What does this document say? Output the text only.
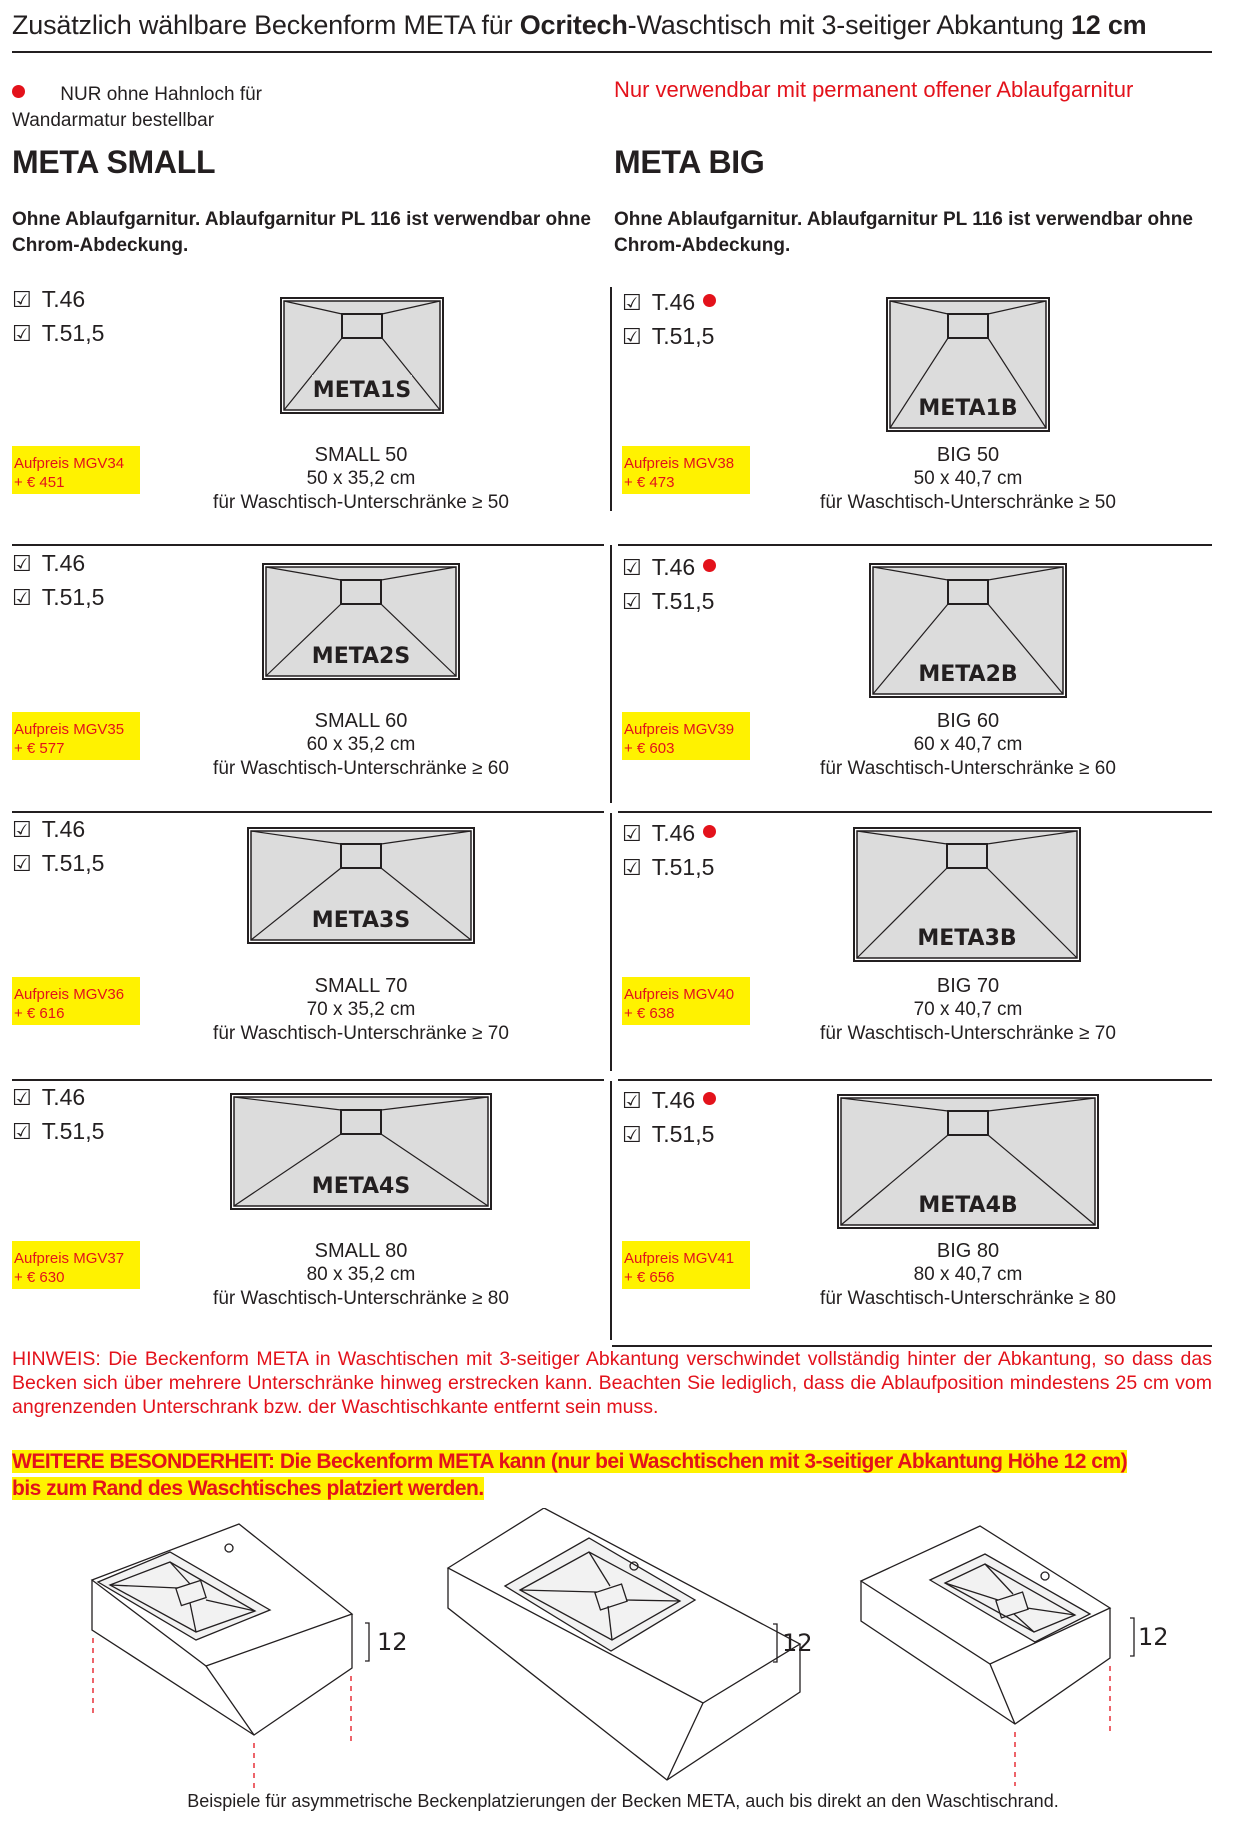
Zusätzlich wählbare Beckenform META für Ocritech-Waschtisch mit 3-seitiger Abkantung 12 cm
NUR ohne Hahnloch für Wandarmatur bestellbar
Nur verwendbar mit permanent offener Ablaufgarnitur
META SMALL	META BIG
Ohne Ablaufgarnitur. Ablaufgarnitur PL 116 ist verwendbar ohne Chrom-Abdeckung.
Ohne Ablaufgarnitur. Ablaufgarnitur PL 116 ist verwendbar ohne Chrom-Abdeckung.
☑ T.46
☑ T.51,5
META1S
Aufpreis MGV34
+ € 451
SMALL 50
50 x 35,2 cm
für Waschtisch-Unterschränke ≥ 50
☑ T.46
☑ T.51,5
META2S
Aufpreis MGV35
+ € 577
SMALL 60
60 x 35,2 cm
für Waschtisch-Unterschränke ≥ 60
☑ T.46
☑ T.51,5
META3S
Aufpreis MGV36
+ € 616
SMALL 70
70 x 35,2 cm
für Waschtisch-Unterschränke ≥ 70
☑ T.46
☑ T.51,5
META4S
Aufpreis MGV37
+ € 630
SMALL 80
80 x 35,2 cm
für Waschtisch-Unterschränke ≥ 80
☑ T.46
☑ T.51,5
META1B
Aufpreis MGV38
+ € 473
BIG 50
50 x 40,7 cm
für Waschtisch-Unterschränke ≥ 50
☑ T.46
☑ T.51,5
META2B
Aufpreis MGV39
+ € 603
BIG 60
60 x 40,7 cm
für Waschtisch-Unterschränke ≥ 60
☑ T.46
☑ T.51,5
META3B
Aufpreis MGV40
+ € 638
BIG 70
70 x 40,7 cm
für Waschtisch-Unterschränke ≥ 70
☑ T.46
☑ T.51,5
META4B
Aufpreis MGV41
+ € 656
BIG 80
80 x 40,7 cm
für Waschtisch-Unterschränke ≥ 80
HINWEIS: Die Beckenform META in Waschtischen mit 3-seitiger Abkantung verschwindet vollständig hinter der Abkantung, so dass das Becken sich über mehrere Unterschränke hinweg erstrecken kann. Beachten Sie lediglich, dass die Ablaufposition mindestens 25 cm vom angrenzenden Unterschrank bzw. der Waschtischkante entfernt sein muss.
WEITERE BESONDERHEIT: Die Beckenform META kann (nur bei Waschtischen mit 3-seitiger Abkantung Höhe 12 cm)
bis zum Rand des Waschtisches platziert werden.
12	12	12
Beispiele für asymmetrische Beckenplatzierungen der Becken META, auch bis direkt an den Waschtischrand.
